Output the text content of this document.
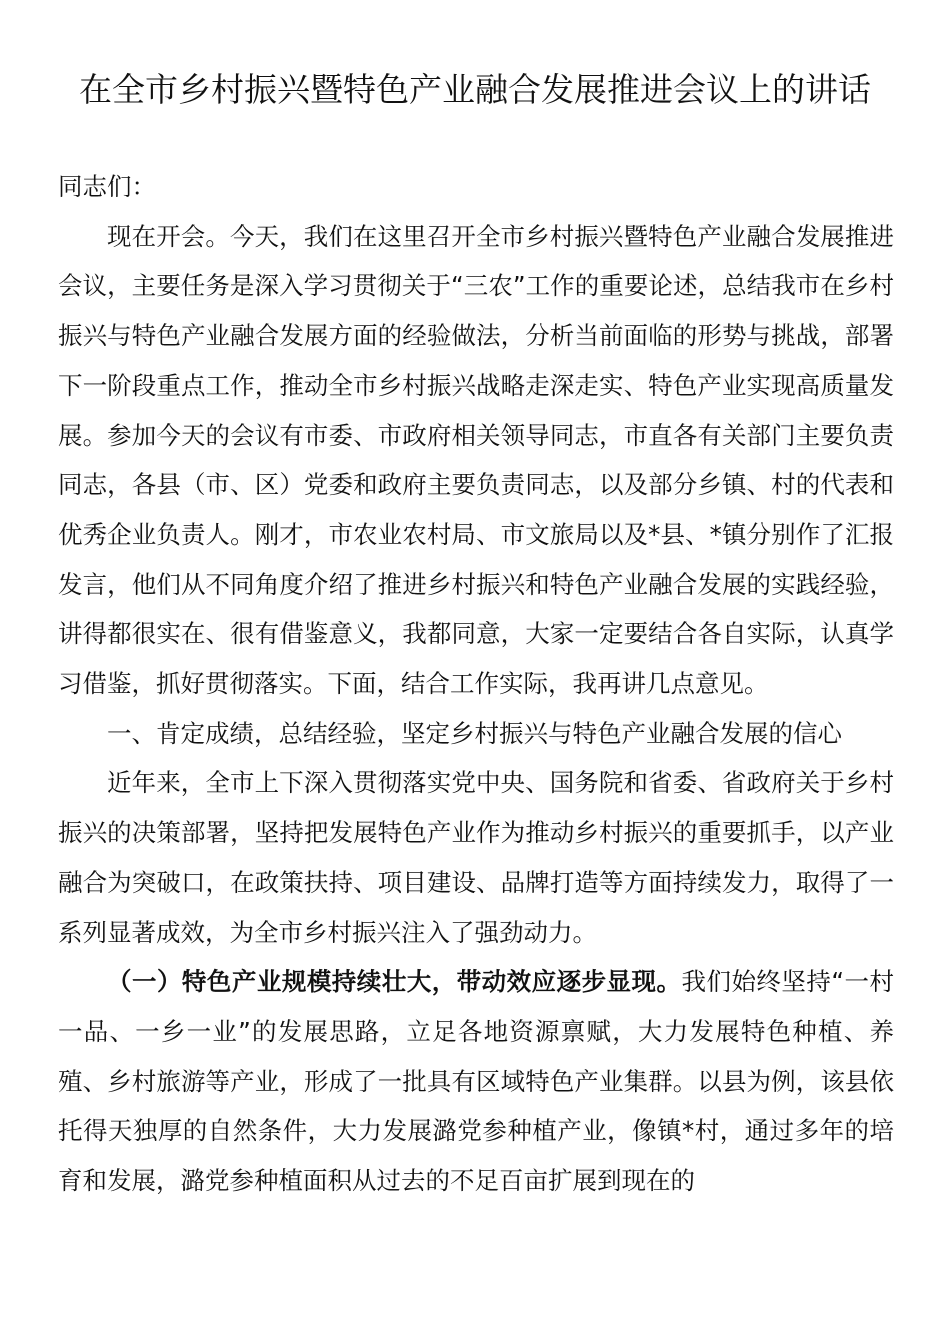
在全市乡村振兴暨特色产业融合发展推进会议上的讲话

同志们：

现在开会。今天，我们在这里召开全市乡村振兴暨特色产业融合发展推进会议，主要任务是深入学习贯彻关于“三农”工作的重要论述，总结我市在乡村振兴与特色产业融合发展方面的经验做法，分析当前面临的形势与挑战，部署下一阶段重点工作，推动全市乡村振兴战略走深走实、特色产业实现高质量发展。参加今天的会议有市委、市政府相关领导同志，市直各有关部门主要负责同志，各县（市、区）党委和政府主要负责同志，以及部分乡镇、村的代表和优秀企业负责人。刚才，市农业农村局、市文旅局以及*县、*镇分别作了汇报发言，他们从不同角度介绍了推进乡村振兴和特色产业融合发展的实践经验，讲得都很实在、很有借鉴意义，我都同意，大家一定要结合各自实际，认真学习借鉴，抓好贯彻落实。下面，结合工作实际，我再讲几点意见。

一、肯定成绩，总结经验，坚定乡村振兴与特色产业融合发展的信心

近年来，全市上下深入贯彻落实党中央、国务院和省委、省政府关于乡村振兴的决策部署，坚持把发展特色产业作为推动乡村振兴的重要抓手，以产业融合为突破口，在政策扶持、项目建设、品牌打造等方面持续发力，取得了一系列显著成效，为全市乡村振兴注入了强劲动力。

（一）特色产业规模持续壮大，带动效应逐步显现。我们始终坚持“一村一品、一乡一业”的发展思路，立足各地资源禀赋，大力发展特色种植、养殖、乡村旅游等产业，形成了一批具有区域特色产业集群。以县为例，该县依托得天独厚的自然条件，大力发展潞党参种植产业，像镇*村，通过多年的培育和发展，潞党参种植面积从过去的不足百亩扩展到现在的
